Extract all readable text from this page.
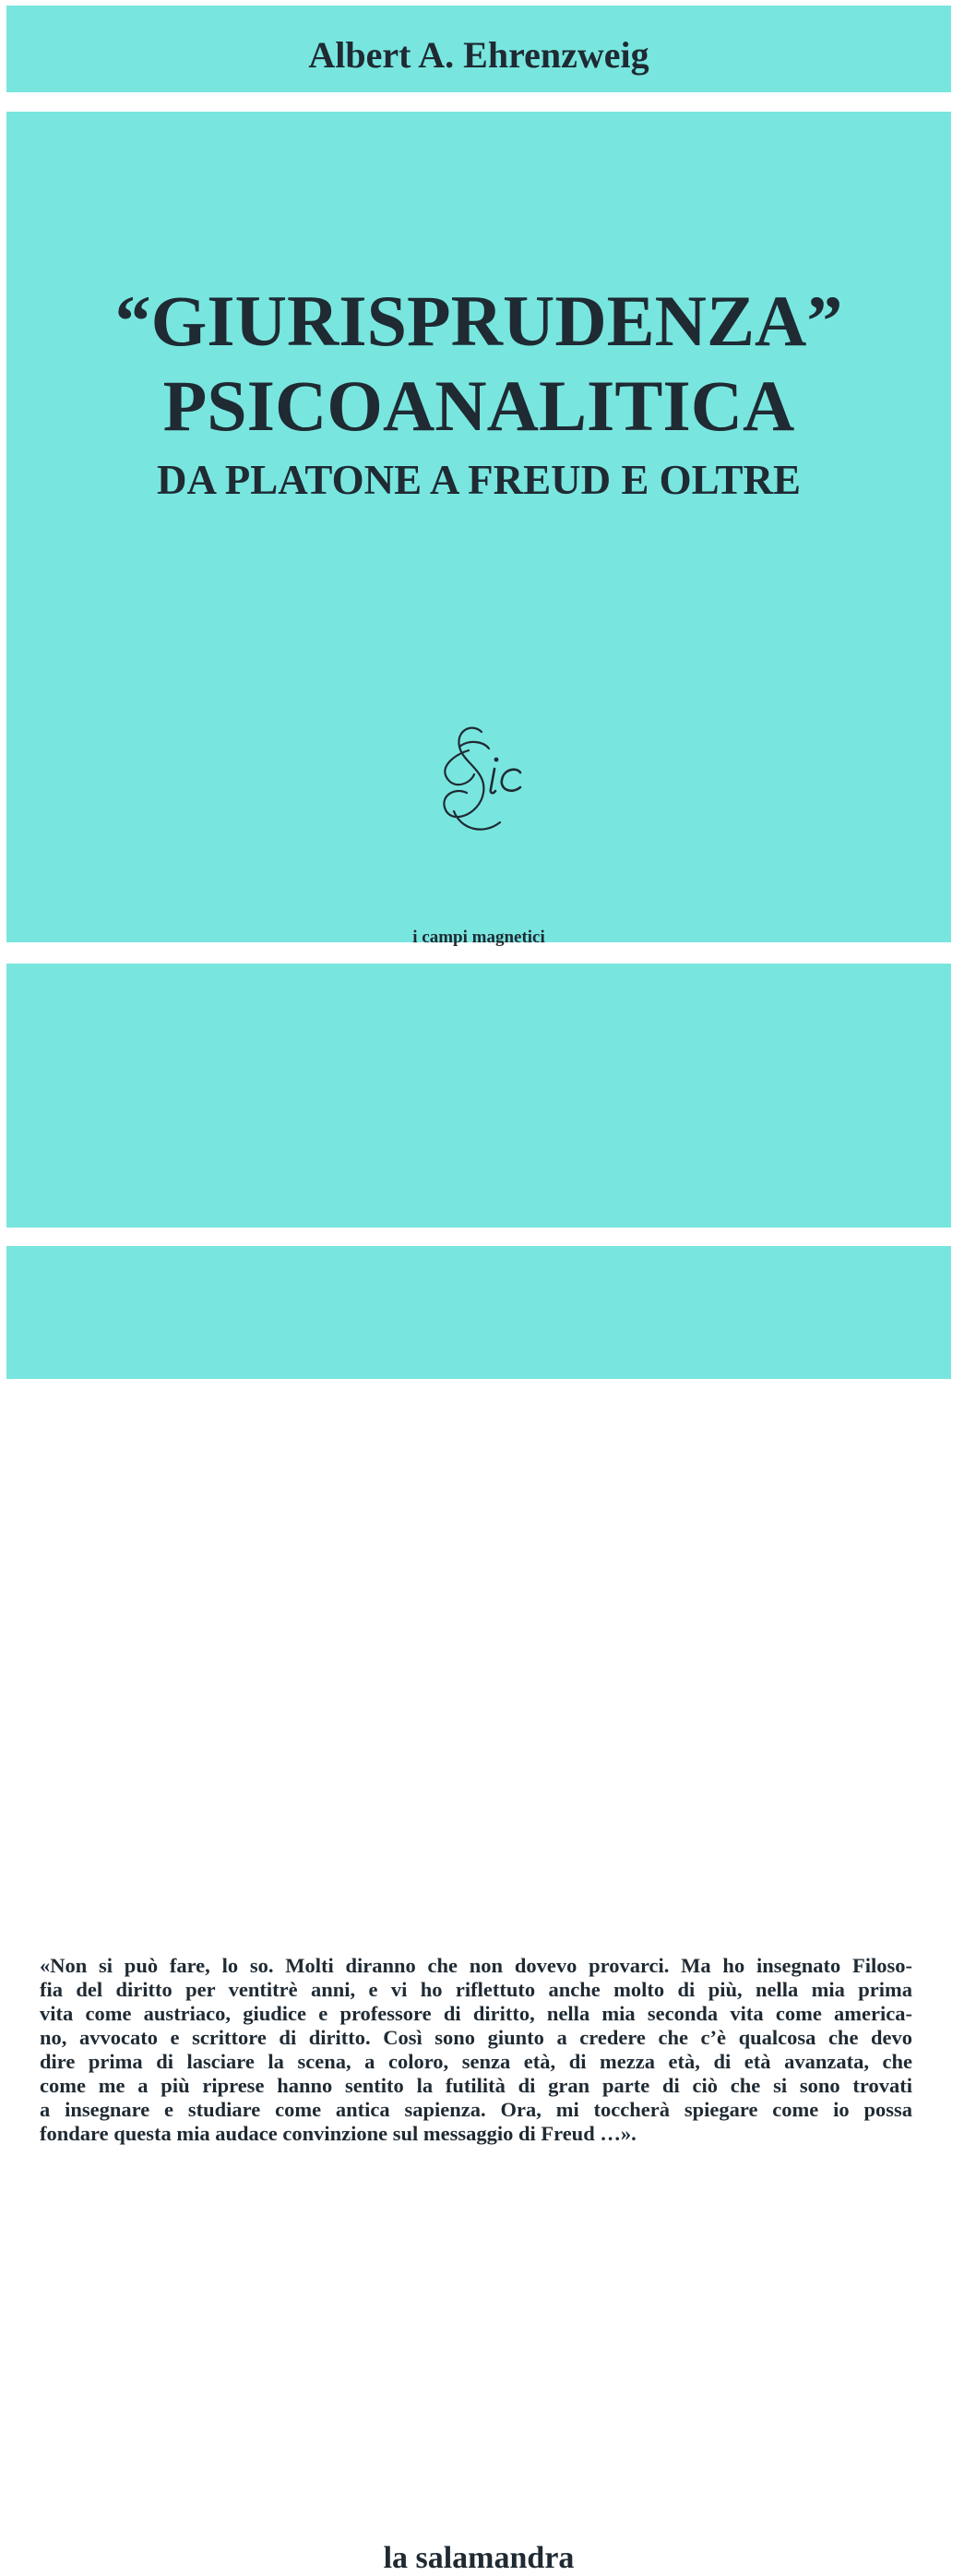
Albert A. Ehrenzweig
“GIURISPRUDENZA”
PSICOANALITICA
DA PLATONE A FREUD E OLTRE
i campi magnetici
«Non si può fare, lo so. Molti diranno che non dovevo provarci. Ma ho insegnato Filoso-
fia del diritto per ventitrè anni, e vi ho riflettuto anche molto di più, nella mia prima
vita come austriaco, giudice e professore di diritto, nella mia seconda vita come america-
no, avvocato e scrittore di diritto. Così sono giunto a credere che c’è qualcosa che devo
dire prima di lasciare la scena, a coloro, senza età, di mezza età, di età avanzata, che
come me a più riprese hanno sentito la futilità di gran parte di ciò che si sono trovati
a insegnare e studiare come antica sapienza. Ora, mi toccherà spiegare come io possa
fondare questa mia audace convinzione sul messaggio di Freud …».
la salamandra
